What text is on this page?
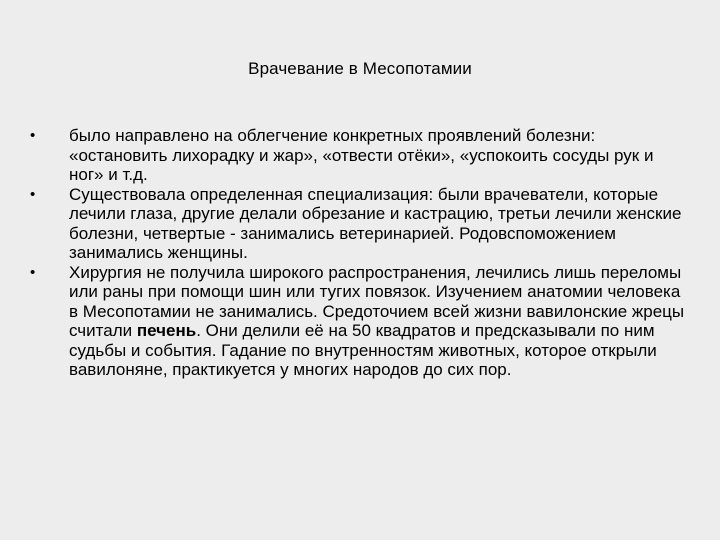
Врачевание в Месопотамии
•	было направлено на облегчение конкретных проявлений болезни: «остановить лихорадку и жар», «отвести отёки», «успокоить сосуды рук и ног» и т.д.
•	Существовала определенная специализация: были врачеватели, которые лечили глаза, другие делали обрезание и кастрацию, третьи лечили женские болезни, четвертые - занимались ветеринарией. Родовспоможением занимались женщины.
•	Хирургия не получила широкого распространения, лечились лишь переломы или раны при помощи шин или тугих повязок. Изучением анатомии человека в Месопотамии не занимались. Средоточием всей жизни вавилонские жрецы считали печень. Они делили её на 50 квадратов и предсказывали по ним судьбы и события. Гадание по внутренностям животных, которое открыли вавилоняне, практикуется у многих народов до сих пор.
